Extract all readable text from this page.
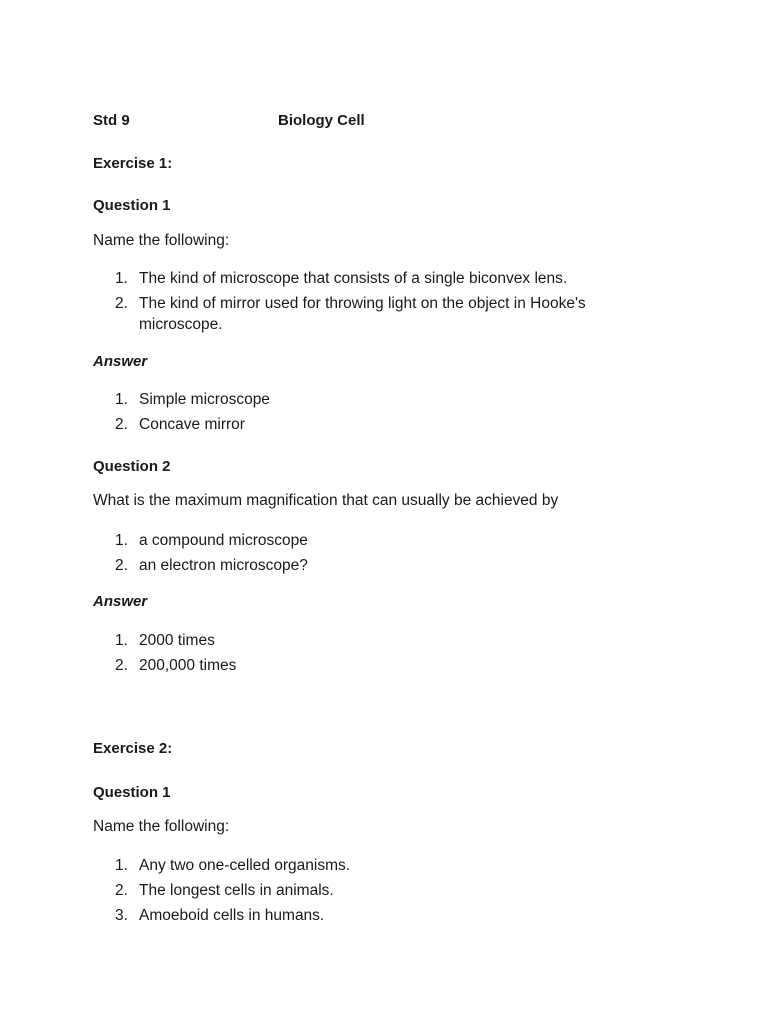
Std 9	Biology Cell
Exercise 1:
Question 1
Name the following:
1. The kind of microscope that consists of a single biconvex lens.
2. The kind of mirror used for throwing light on the object in Hooke's microscope.
Answer
1. Simple microscope
2. Concave mirror
Question 2
What is the maximum magnification that can usually be achieved by
1. a compound microscope
2. an electron microscope?
Answer
1. 2000 times
2. 200,000 times
Exercise 2:
Question 1
Name the following:
1. Any two one-celled organisms.
2. The longest cells in animals.
3. Amoeboid cells in humans.
